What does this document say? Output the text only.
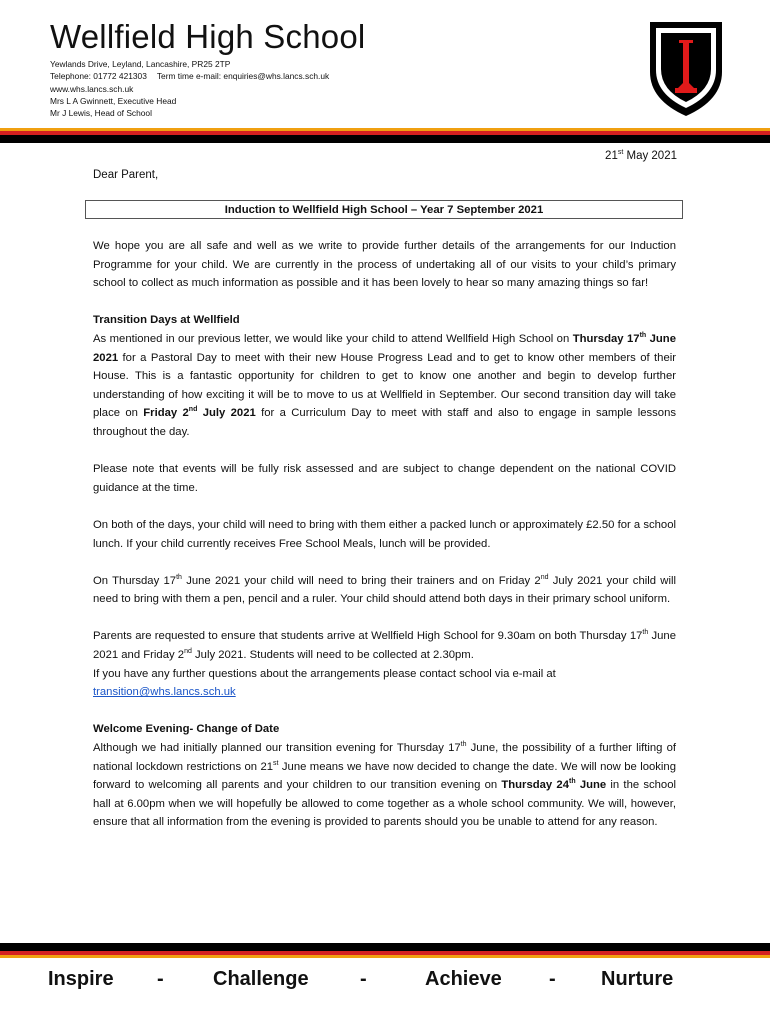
Wellfield High School
Yewlands Drive, Leyland, Lancashire, PR25 2TP
Telephone: 01772 421303 Term time e-mail: enquiries@whs.lancs.sch.uk
www.whs.lancs.sch.uk
Mrs L A Gwinnett, Executive Head
Mr J Lewis, Head of School
21st May 2021
Dear Parent,
Induction to Wellfield High School – Year 7 September 2021

We hope you are all safe and well as we write to provide further details of the arrangements for our Induction Programme for your child. We are currently in the process of undertaking all of our visits to your child’s primary school to collect as much information as possible and it has been lovely to hear so many amazing things so far!

Transition Days at Wellfield

As mentioned in our previous letter, we would like your child to attend Wellfield High School on Thursday 17th June 2021 for a Pastoral Day to meet with their new House Progress Lead and to get to know other members of their House. This is a fantastic opportunity for children to get to know one another and begin to develop further understanding of how exciting it will be to move to us at Wellfield in September. Our second transition day will take place on Friday 2nd July 2021 for a Curriculum Day to meet with staff and also to engage in sample lessons throughout the day.

Please note that events will be fully risk assessed and are subject to change dependent on the national COVID guidance at the time.

On both of the days, your child will need to bring with them either a packed lunch or approximately £2.50 for a school lunch. If your child currently receives Free School Meals, lunch will be provided.

On Thursday 17th June 2021 your child will need to bring their trainers and on Friday 2nd July 2021 your child will need to bring with them a pen, pencil and a ruler. Your child should attend both days in their primary school uniform.

Parents are requested to ensure that students arrive at Wellfield High School for 9.30am on both Thursday 17th June 2021 and Friday 2nd July 2021. Students will need to be collected at 2.30pm.

If you have any further questions about the arrangements please contact school via e-mail at
transition@whs.lancs.sch.uk

Welcome Evening- Change of Date

Although we had initially planned our transition evening for Thursday 17th June, the possibility of a further lifting of national lockdown restrictions on 21st June means we have now decided to change the date. We will now be looking forward to welcoming all parents and your children to our transition evening on Thursday 24th June in the school hall at 6.00pm when we will hopefully be allowed to come together as a whole school community. We will, however, ensure that all information from the evening is provided to parents should you be unable to attend for any reason.

Inspire - Challenge	-	Achieve - Nurture
